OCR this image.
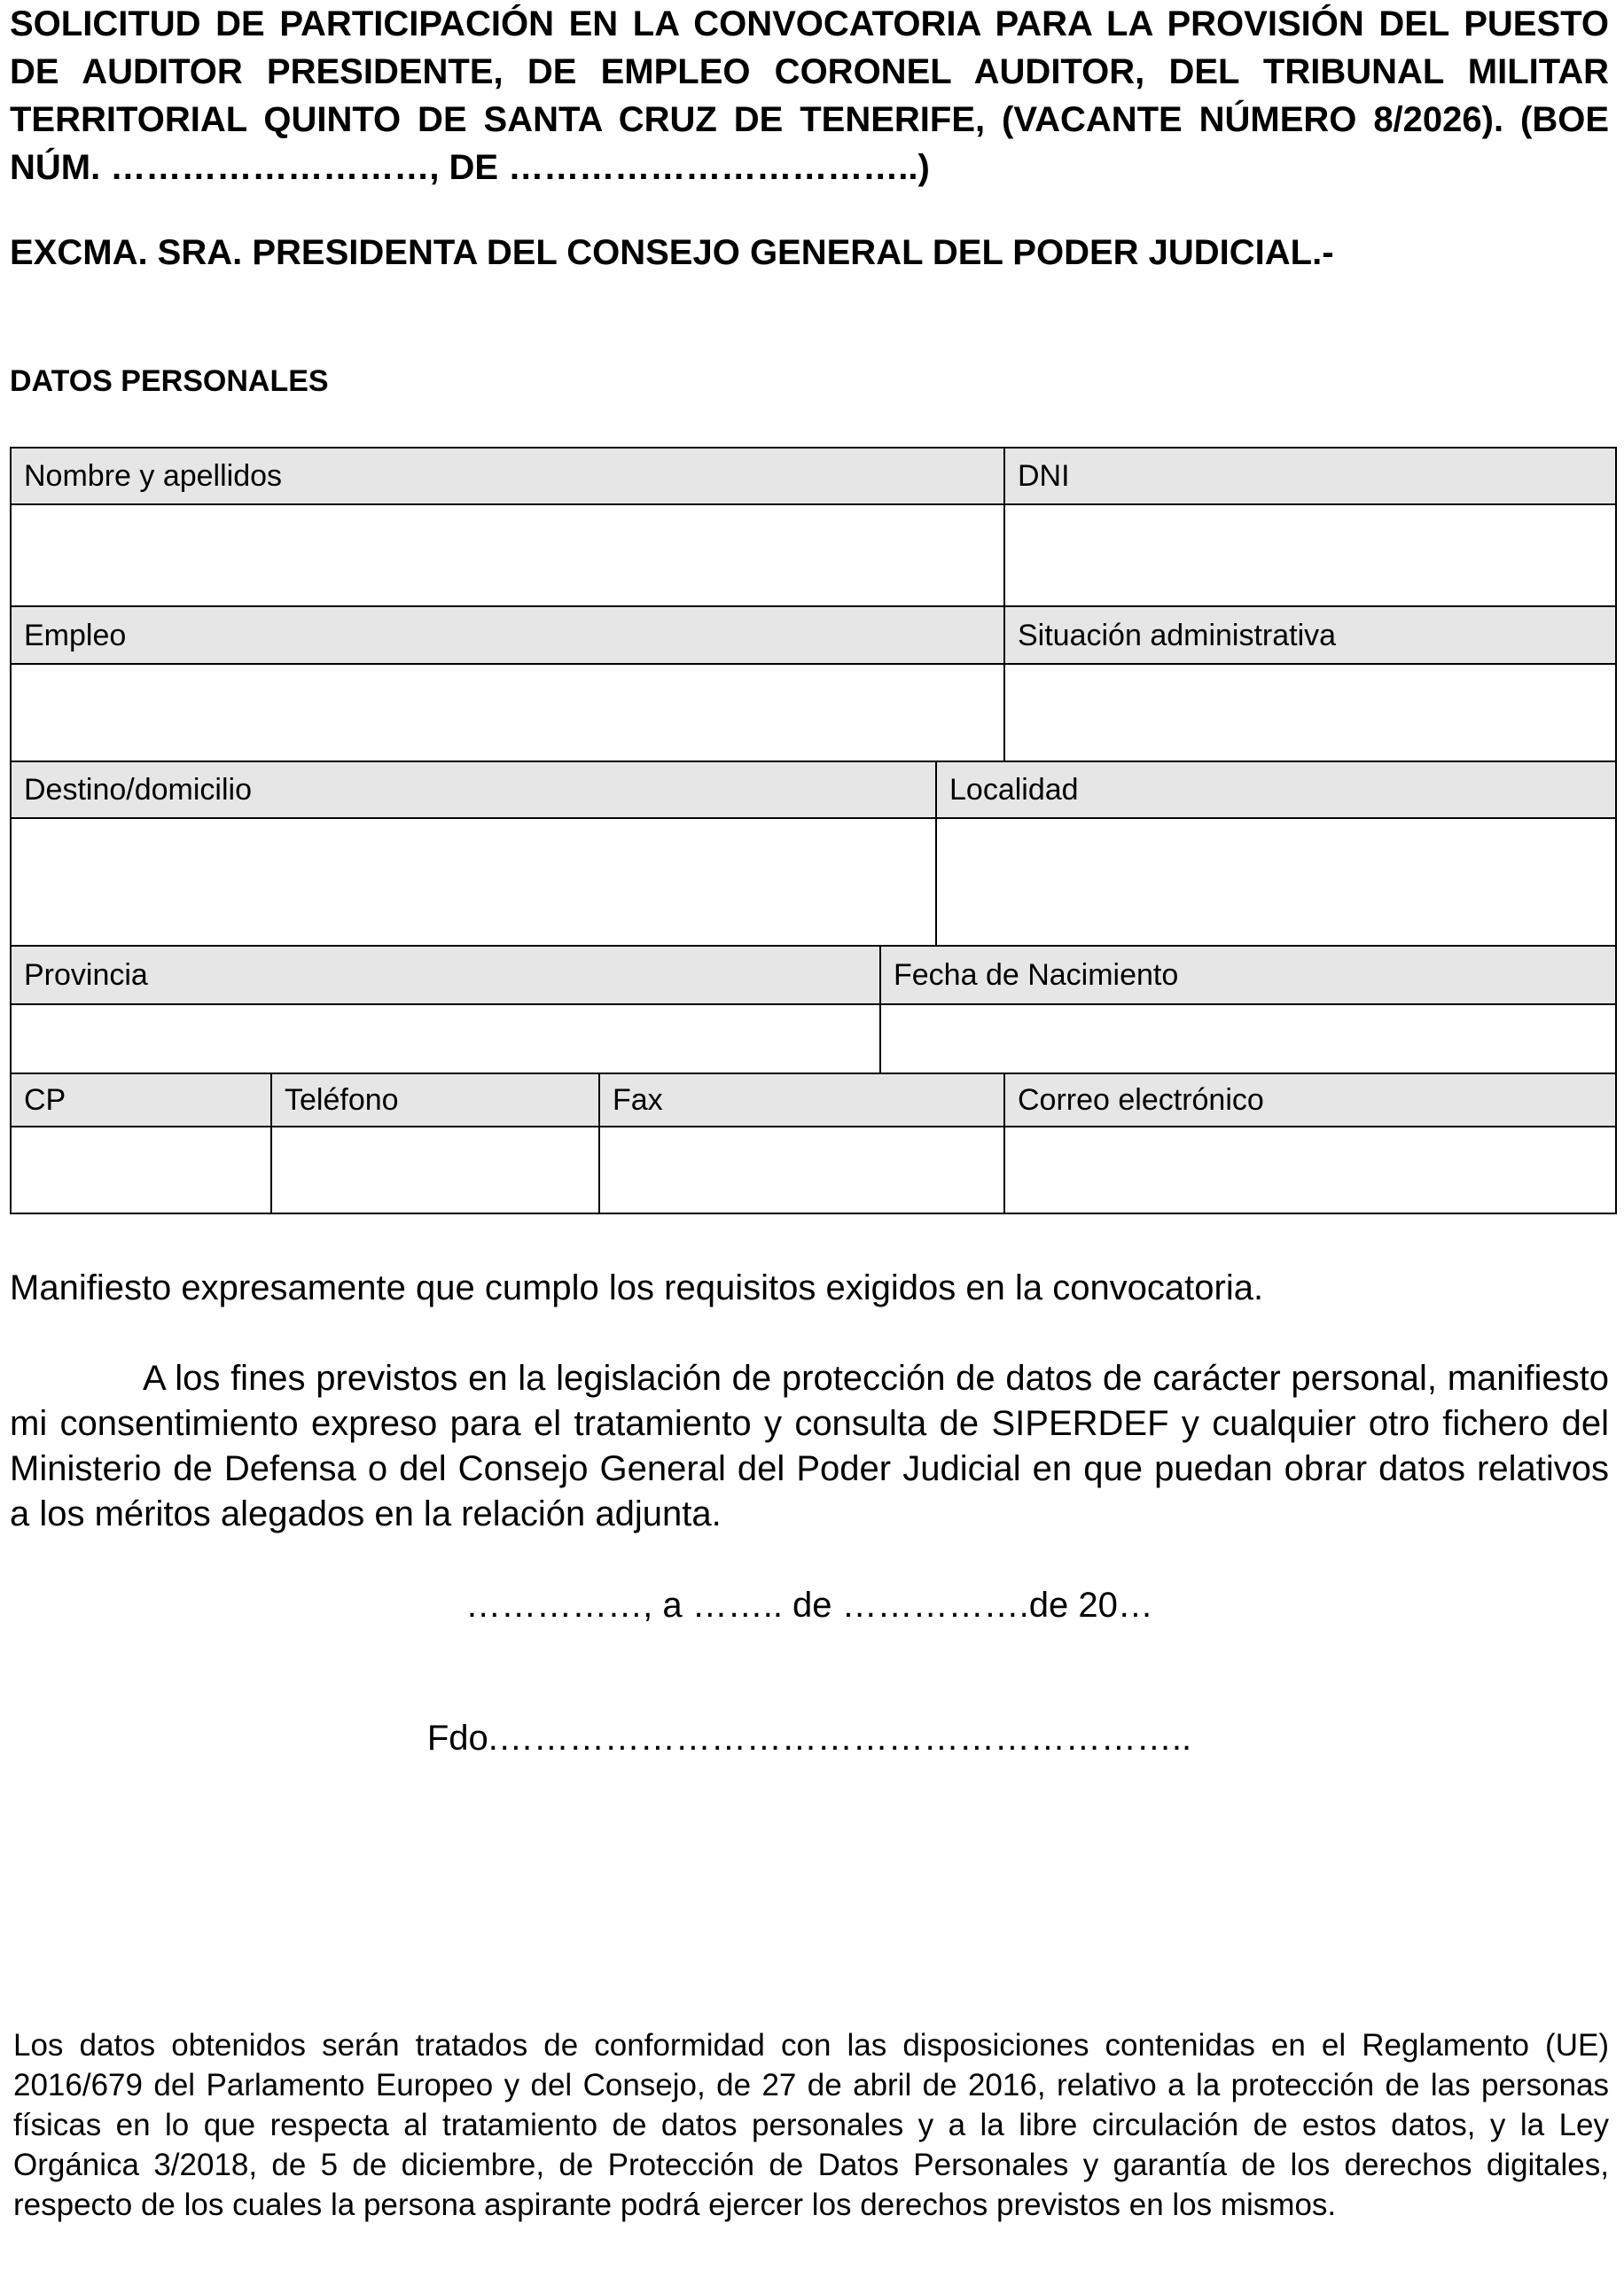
SOLICITUD DE PARTICIPACIÓN EN LA CONVOCATORIA PARA LA PROVISIÓN DEL PUESTO DE AUDITOR PRESIDENTE, DE EMPLEO CORONEL AUDITOR, DEL TRIBUNAL MILITAR TERRITORIAL QUINTO DE SANTA CRUZ DE TENERIFE, (VACANTE NÚMERO 8/2026). (BOE NÚM. ………………………, DE ……………………………..)
EXCMA. SRA. PRESIDENTA DEL CONSEJO GENERAL DEL PODER JUDICIAL.-
DATOS PERSONALES
Nombre y apellidos	DNI
Empleo	Situación administrativa
Destino/domicilio	Localidad
Provincia	Fecha de Nacimiento
CP	Teléfono	Fax	Correo electrónico
Manifiesto expresamente que cumplo los requisitos exigidos en la convocatoria.
A los fines previstos en la legislación de protección de datos de carácter personal, manifiesto mi consentimiento expreso para el tratamiento y consulta de SIPERDEF y cualquier otro fichero del Ministerio de Defensa o del Consejo General del Poder Judicial en que puedan obrar datos relativos a los méritos alegados en la relación adjunta.
……………, a …….. de …………….de 20…
Fdo.…………………………………………………..
Los datos obtenidos serán tratados de conformidad con las disposiciones contenidas en el Reglamento (UE) 2016/679 del Parlamento Europeo y del Consejo, de 27 de abril de 2016, relativo a la protección de las personas físicas en lo que respecta al tratamiento de datos personales y a la libre circulación de estos datos, y la Ley Orgánica 3/2018, de 5 de diciembre, de Protección de Datos Personales y garantía de los derechos digitales, respecto de los cuales la persona aspirante podrá ejercer los derechos previstos en los mismos.
